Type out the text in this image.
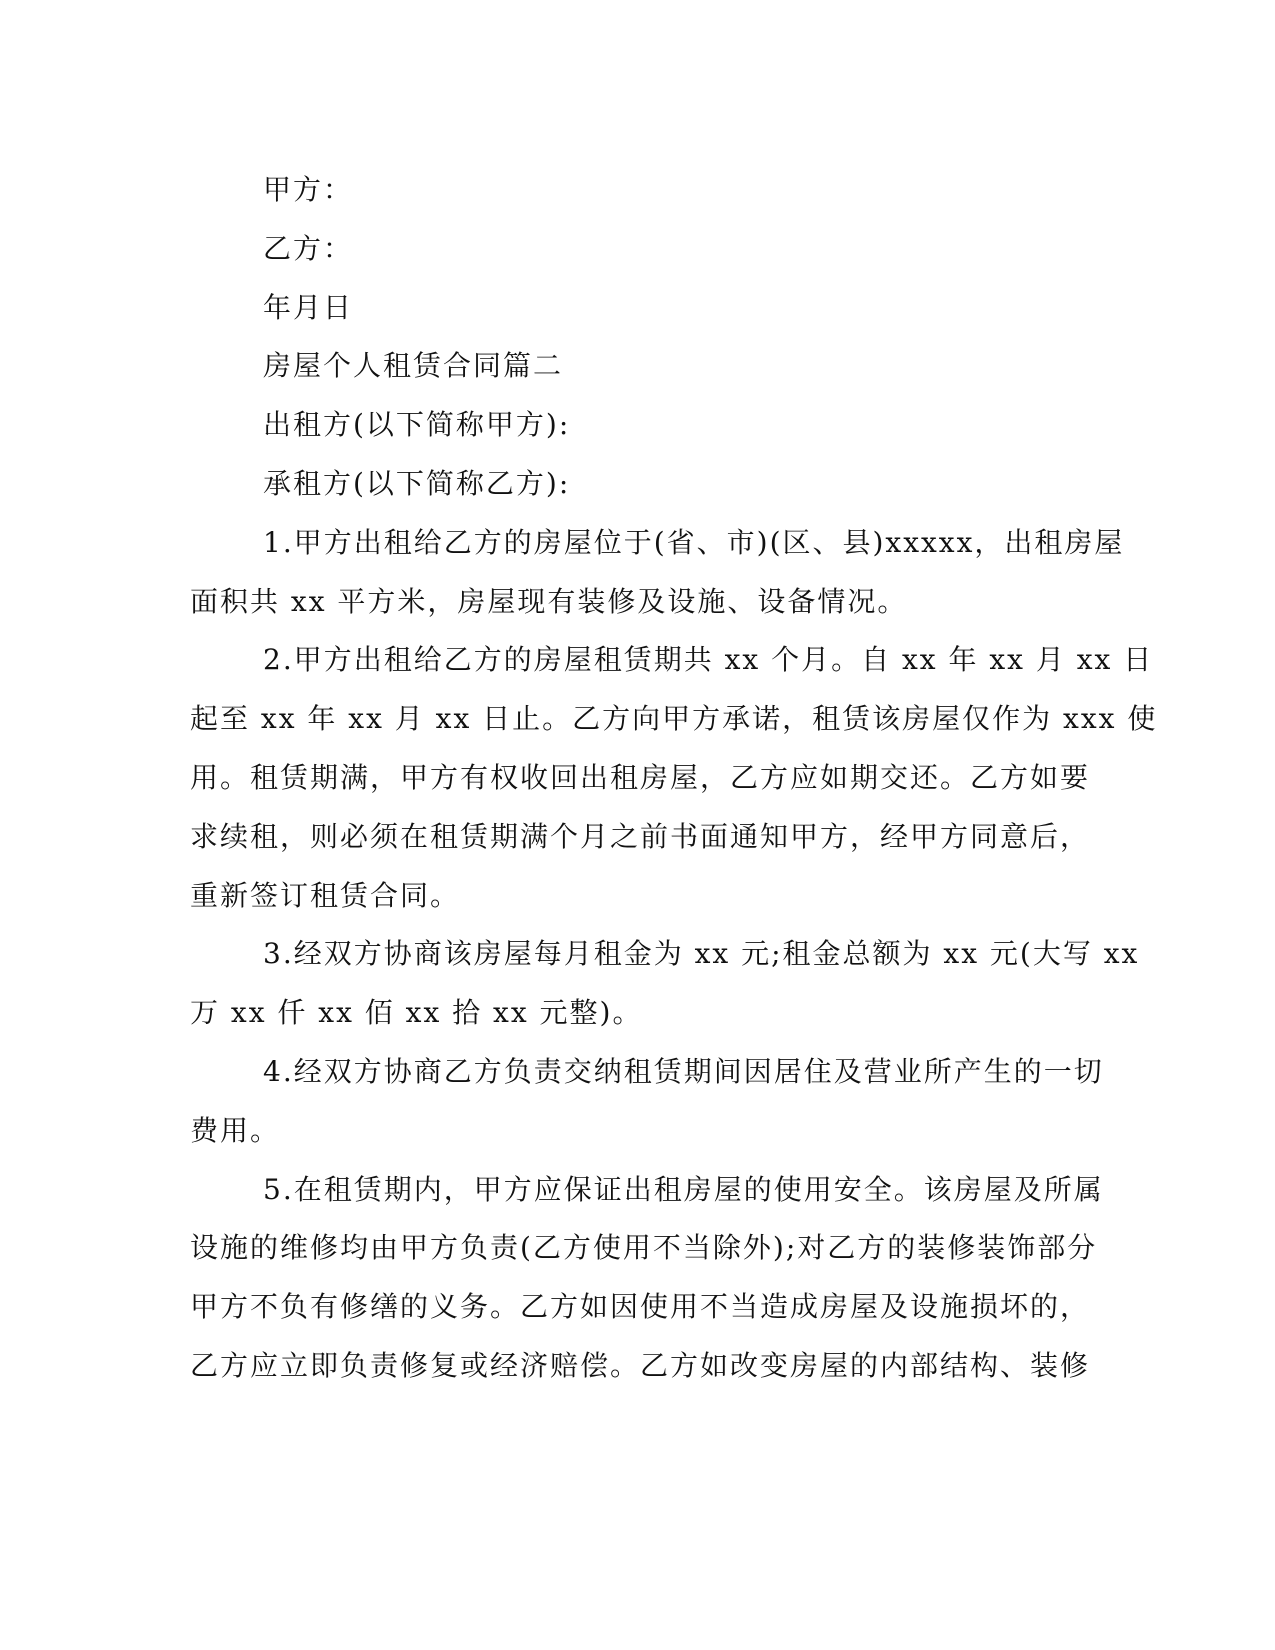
甲方：

乙方：

年月日

房屋个人租赁合同篇二

出租方(以下简称甲方):

承租方(以下简称乙方):

1.甲方出租给乙方的房屋位于(省、市)(区、县)xxxxx，出租房屋

面积共 xx 平方米，房屋现有装修及设施、设备情况。

2.甲方出租给乙方的房屋租赁期共 xx 个月。自 xx 年 xx 月 xx 日

起至 xx 年 xx 月 xx 日止。乙方向甲方承诺，租赁该房屋仅作为 xxx 使

用。租赁期满，甲方有权收回出租房屋，乙方应如期交还。乙方如要

求续租，则必须在租赁期满个月之前书面通知甲方，经甲方同意后，

重新签订租赁合同。

3.经双方协商该房屋每月租金为 xx 元;租金总额为 xx 元(大写 xx

万 xx 仟 xx 佰 xx 拾 xx 元整)。

4.经双方协商乙方负责交纳租赁期间因居住及营业所产生的一切

费用。

5.在租赁期内，甲方应保证出租房屋的使用安全。该房屋及所属

设施的维修均由甲方负责(乙方使用不当除外);对乙方的装修装饰部分

甲方不负有修缮的义务。乙方如因使用不当造成房屋及设施损坏的，

乙方应立即负责修复或经济赔偿。乙方如改变房屋的内部结构、装修
